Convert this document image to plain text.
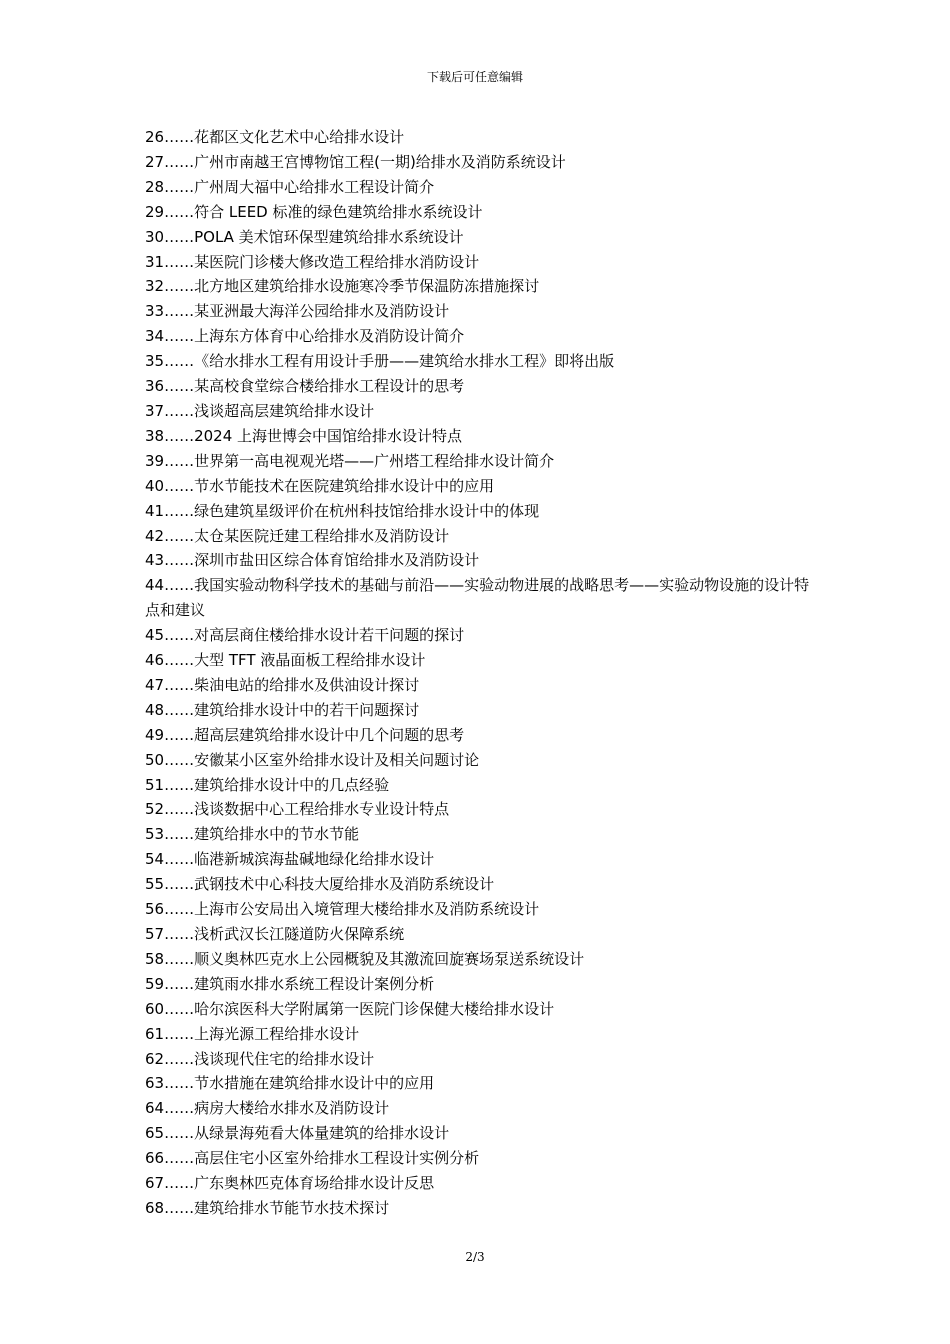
下载后可任意编辑
26……花都区文化艺术中心给排水设计
27……广州市南越王宫博物馆工程(一期)给排水及消防系统设计
28……广州周大福中心给排水工程设计简介
29……符合 LEED 标准的绿色建筑给排水系统设计
30……POLA 美术馆环保型建筑给排水系统设计
31……某医院门诊楼大修改造工程给排水消防设计
32……北方地区建筑给排水设施寒冷季节保温防冻措施探讨
33……某亚洲最大海洋公园给排水及消防设计
34……上海东方体育中心给排水及消防设计简介
35……《给水排水工程有用设计手册——建筑给水排水工程》即将出版
36……某高校食堂综合楼给排水工程设计的思考
37……浅谈超高层建筑给排水设计
38……2024 上海世博会中国馆给排水设计特点
39……世界第一高电视观光塔——广州塔工程给排水设计简介
40……节水节能技术在医院建筑给排水设计中的应用
41……绿色建筑星级评价在杭州科技馆给排水设计中的体现
42……太仓某医院迁建工程给排水及消防设计
43……深圳市盐田区综合体育馆给排水及消防设计
44……我国实验动物科学技术的基础与前沿——实验动物进展的战略思考——实验动物设施的设计特点和建议
45……对高层商住楼给排水设计若干问题的探讨
46……大型 TFT 液晶面板工程给排水设计
47……柴油电站的给排水及供油设计探讨
48……建筑给排水设计中的若干问题探讨
49……超高层建筑给排水设计中几个问题的思考
50……安徽某小区室外给排水设计及相关问题讨论
51……建筑给排水设计中的几点经验
52……浅谈数据中心工程给排水专业设计特点
53……建筑给排水中的节水节能
54……临港新城滨海盐碱地绿化给排水设计
55……武钢技术中心科技大厦给排水及消防系统设计
56……上海市公安局出入境管理大楼给排水及消防系统设计
57……浅析武汉长江隧道防火保障系统
58……顺义奥林匹克水上公园概貌及其激流回旋赛场泵送系统设计
59……建筑雨水排水系统工程设计案例分析
60……哈尔滨医科大学附属第一医院门诊保健大楼给排水设计
61……上海光源工程给排水设计
62……浅谈现代住宅的给排水设计
63……节水措施在建筑给排水设计中的应用
64……病房大楼给水排水及消防设计
65……从绿景海苑看大体量建筑的给排水设计
66……高层住宅小区室外给排水工程设计实例分析
67……广东奥林匹克体育场给排水设计反思
68……建筑给排水节能节水技术探讨
2/3
